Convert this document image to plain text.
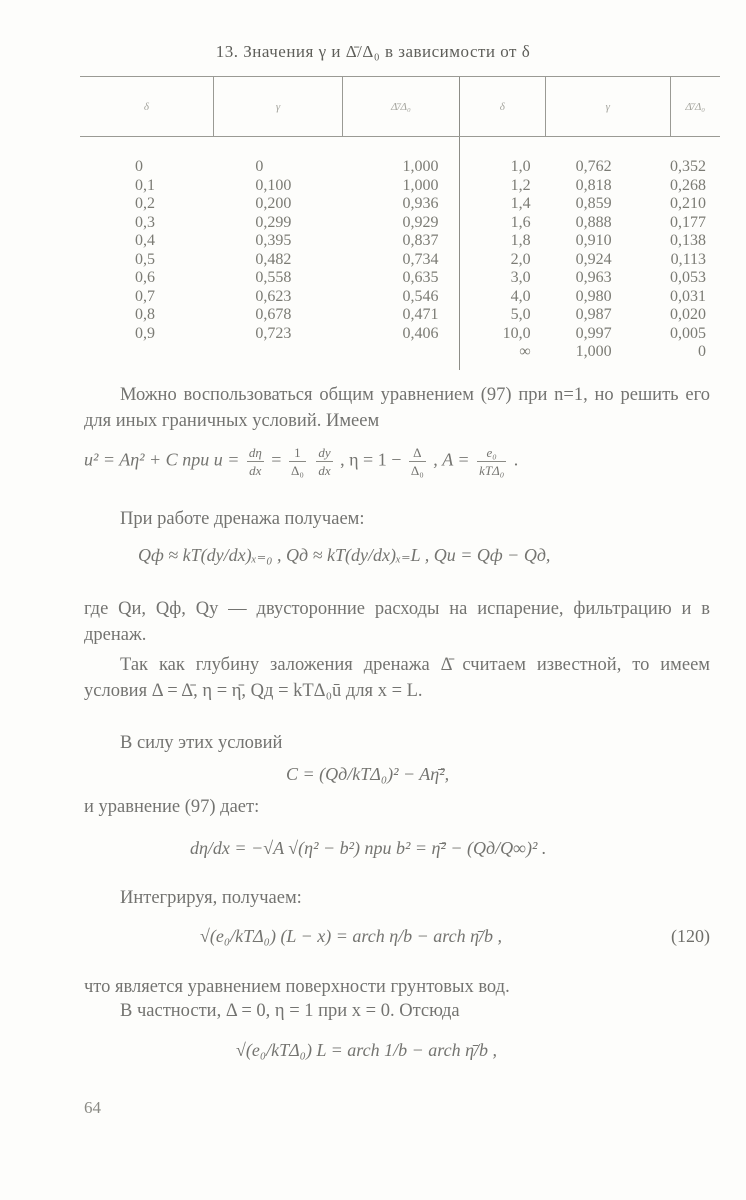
13. Значения γ и Δ̄/Δ₀ в зависимости от δ
δ	γ	Δ̄/Δ₀	δ	γ	Δ̄/Δ₀
0	0	1,000	1,0	0,762	0,352
0,1	0,100	1,000	1,2	0,818	0,268
0,2	0,200	0,936	1,4	0,859	0,210
0,3	0,299	0,929	1,6	0,888	0,177
0,4	0,395	0,837	1,8	0,910	0,138
0,5	0,482	0,734	2,0	0,924	0,113
0,6	0,558	0,635	3,0	0,963	0,053
0,7	0,623	0,546	4,0	0,980	0,031
0,8	0,678	0,471	5,0	0,987	0,020
0,9	0,723	0,406	10,0	0,997	0,005
			∞	1,000	0
Можно воспользоваться общим уравнением (97) при n=1, но решить его для иных граничных условий. Имеем
u² = Aη² + C при $u = \frac{d\eta}{dx} = \frac{1}{\text{Δ₀}}$
$\frac{dy}{dx}$ , $\eta = 1 - \frac{\Delta}{\text{Δ₀}}$ , $A = \frac{\text{e₀}}{\text{kTΔ₀}}$ .
При работе дренажа получаем:
Qф ≈ kT(dy/dx)ₓ₌₀ , Qд ≈ kT(dy/dx)ₓ₌L , Qи = Qф − Qд,
где Qи, Qф, Qу — двусторонние расходы на испарение, фильтрацию и в дренаж.
Так как глубину заложения дренажа Δ̄ считаем известной, то имеем условия Δ = Δ̄, η = η̄, Qд = kTΔ₀ū для x = L.
В силу этих условий
C = (Qд/kTΔ₀)² − Aη̄²,
и уравнение (97) дает:
dη/dx = −√A √(η² − b²) при b² = η̄² − (Qд/Q∞)² .
Интегрируя, получаем:
√(e₀/kTΔ₀) (L − x) = arch η/b − arch η̄/b ,	(120)
что является уравнением поверхности грунтовых вод.
В частности, Δ = 0, η = 1 при x = 0. Отсюда
√(e₀/kTΔ₀) L = arch 1/b − arch η̄/b ,
64
